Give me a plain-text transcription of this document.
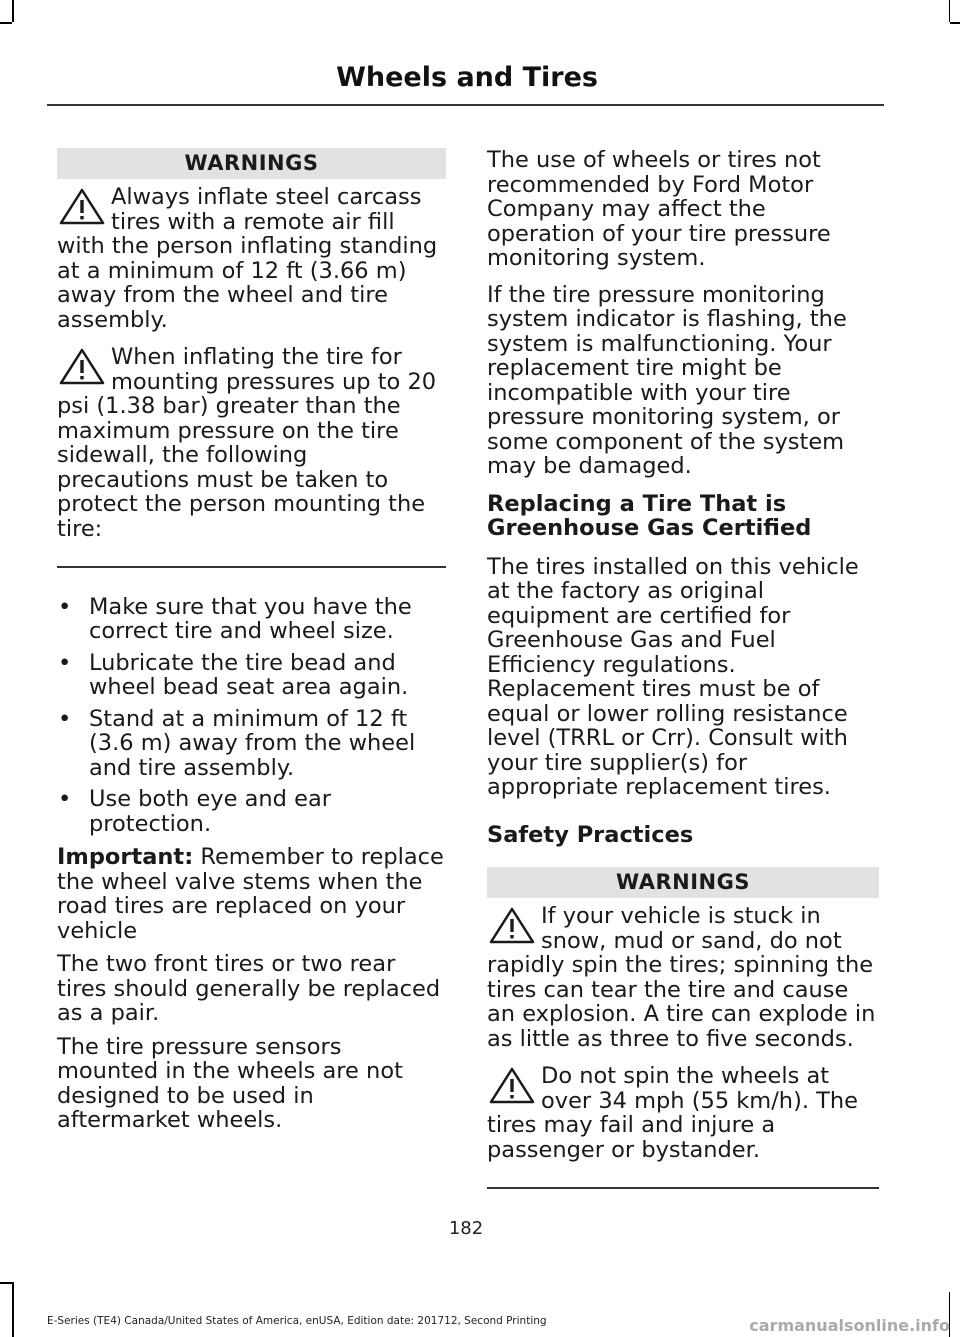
Wheels and Tires
WARNINGS

Always inflate steel carcass tires with a remote air fill with the person inflating standing at a minimum of 12 ft (3.66 m) away from the wheel and tire assembly.

When inflating the tire for mounting pressures up to 20 psi (1.38 bar) greater than the maximum pressure on the tire sidewall, the following precautions must be taken to protect the person mounting the tire:

• Make sure that you have the correct tire and wheel size.
• Lubricate the tire bead and wheel bead seat area again.
• Stand at a minimum of 12 ft (3.6 m) away from the wheel and tire assembly.
• Use both eye and ear protection.

Important: Remember to replace the wheel valve stems when the road tires are replaced on your vehicle

The two front tires or two rear tires should generally be replaced as a pair.

The tire pressure sensors mounted in the wheels are not designed to be used in aftermarket wheels.

The use of wheels or tires not recommended by Ford Motor Company may affect the operation of your tire pressure monitoring system.

If the tire pressure monitoring system indicator is flashing, the system is malfunctioning. Your replacement tire might be incompatible with your tire pressure monitoring system, or some component of the system may be damaged.

Replacing a Tire That is Greenhouse Gas Certified

The tires installed on this vehicle at the factory as original equipment are certified for Greenhouse Gas and Fuel Efficiency regulations. Replacement tires must be of equal or lower rolling resistance level (TRRL or Crr). Consult with your tire supplier(s) for appropriate replacement tires.

Safety Practices

WARNINGS

If your vehicle is stuck in snow, mud or sand, do not rapidly spin the tires; spinning the tires can tear the tire and cause an explosion. A tire can explode in as little as three to five seconds.

Do not spin the wheels at over 34 mph (55 km/h). The tires may fail and injure a passenger or bystander.

182
E-Series (TE4) Canada/United States of America, enUSA, Edition date: 201712, Second Printing	carmanualsonline.info
